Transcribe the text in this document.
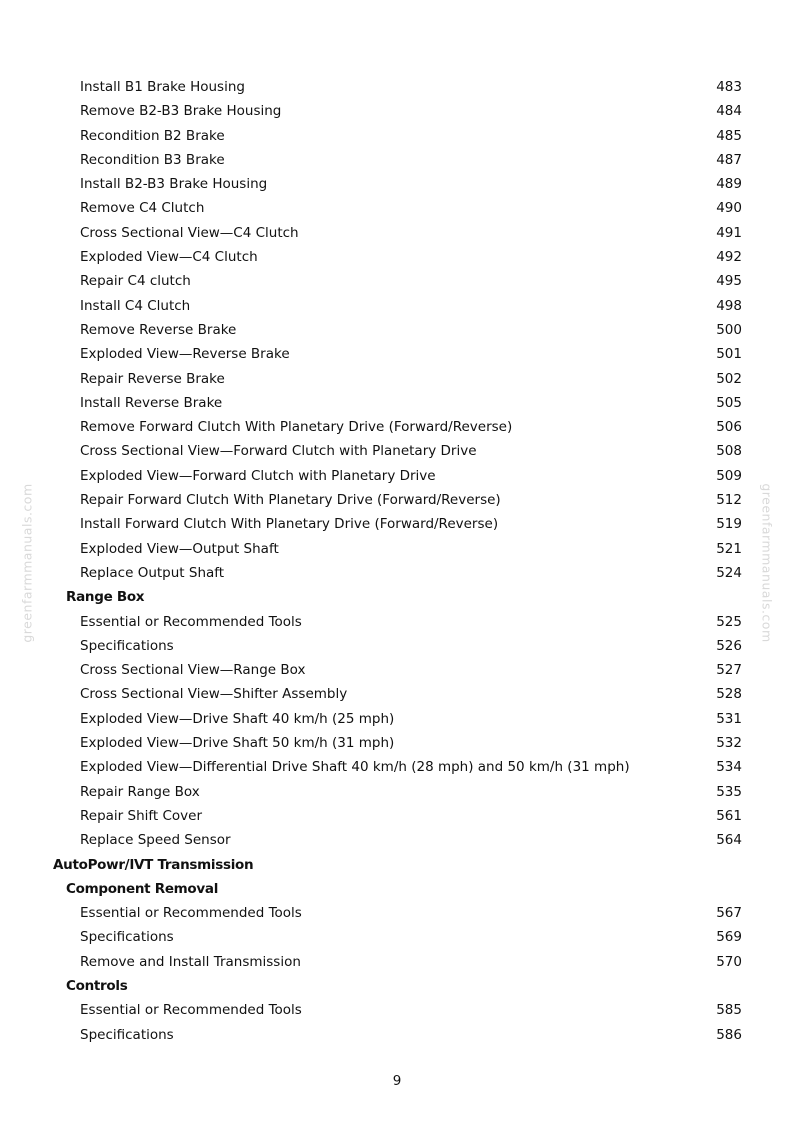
Install B1 Brake Housing	483
Remove B2-B3 Brake Housing	484
Recondition B2 Brake	485
Recondition B3 Brake	487
Install B2-B3 Brake Housing	489
Remove C4 Clutch	490
Cross Sectional View—C4 Clutch	491
Exploded View—C4 Clutch	492
Repair C4 clutch	495
Install C4 Clutch	498
Remove Reverse Brake	500
Exploded View—Reverse Brake	501
Repair Reverse Brake	502
Install Reverse Brake	505
Remove Forward Clutch With Planetary Drive (Forward/Reverse)	506
Cross Sectional View—Forward Clutch with Planetary Drive	508
Exploded View—Forward Clutch with Planetary Drive	509
Repair Forward Clutch With Planetary Drive (Forward/Reverse)	512
Install Forward Clutch With Planetary Drive (Forward/Reverse)	519
Exploded View—Output Shaft	521
Replace Output Shaft	524
Range Box
Essential or Recommended Tools	525
Specifications	526
Cross Sectional View—Range Box	527
Cross Sectional View—Shifter Assembly	528
Exploded View—Drive Shaft 40 km/h (25 mph)	531
Exploded View—Drive Shaft 50 km/h (31 mph)	532
Exploded View—Differential Drive Shaft 40 km/h (28 mph) and 50 km/h (31 mph)	534
Repair Range Box	535
Repair Shift Cover	561
Replace Speed Sensor	564
AutoPowr/IVT Transmission
Component Removal
Essential or Recommended Tools	567
Specifications	569
Remove and Install Transmission	570
Controls
Essential or Recommended Tools	585
Specifications	586
9
greenfarmmanuals.com	greenfarmmanuals.com
